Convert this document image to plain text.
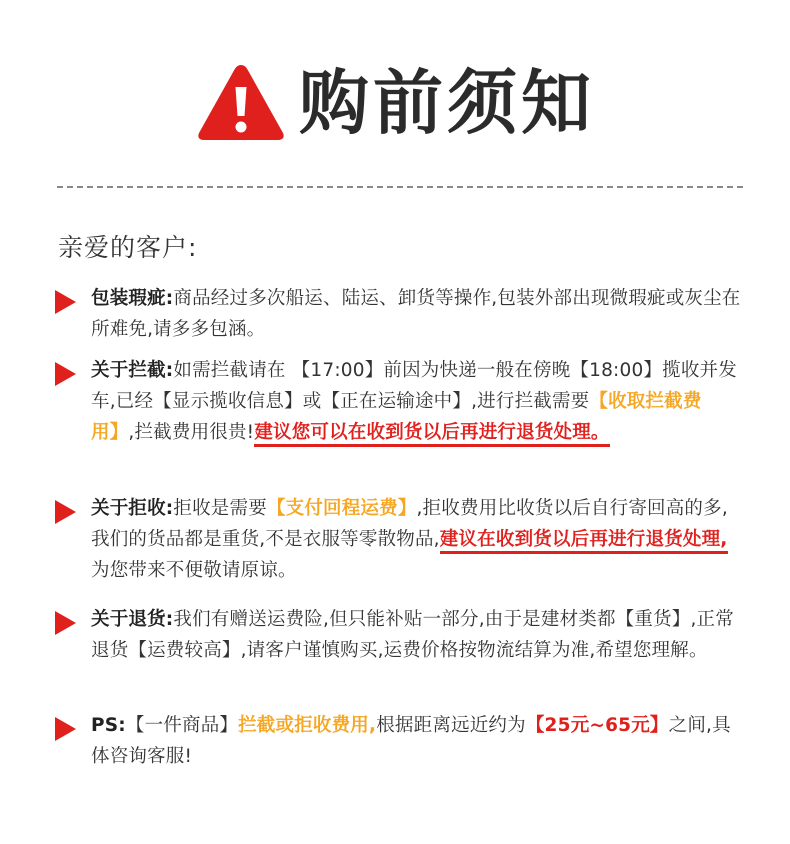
购前须知
亲爱的客户:
包装瑕疵:商品经过多次船运、陆运、卸货等操作,包装外部出现微瑕疵或灰尘在所难免,请多多包涵。
关于拦截:如需拦截请在 【17:00】前因为快递一般在傍晚【18:00】揽收并发车,已经【显示揽收信息】或【正在运输途中】,进行拦截需要【收取拦截费用】,拦截费用很贵!建议您可以在收到货以后再进行退货处理。
关于拒收:拒收是需要【支付回程运费】,拒收费用比收货以后自行寄回高的多,我们的货品都是重货,不是衣服等零散物品,建议在收到货以后再进行退货处理,为您带来不便敬请原谅。
关于退货:我们有赠送运费险,但只能补贴一部分,由于是建材类都【重货】,正常退货【运费较高】,请客户谨慎购买,运费价格按物流结算为准,希望您理解。
PS:【一件商品】拦截或拒收费用,根据距离远近约为【25元~65元】之间,具体咨询客服!
